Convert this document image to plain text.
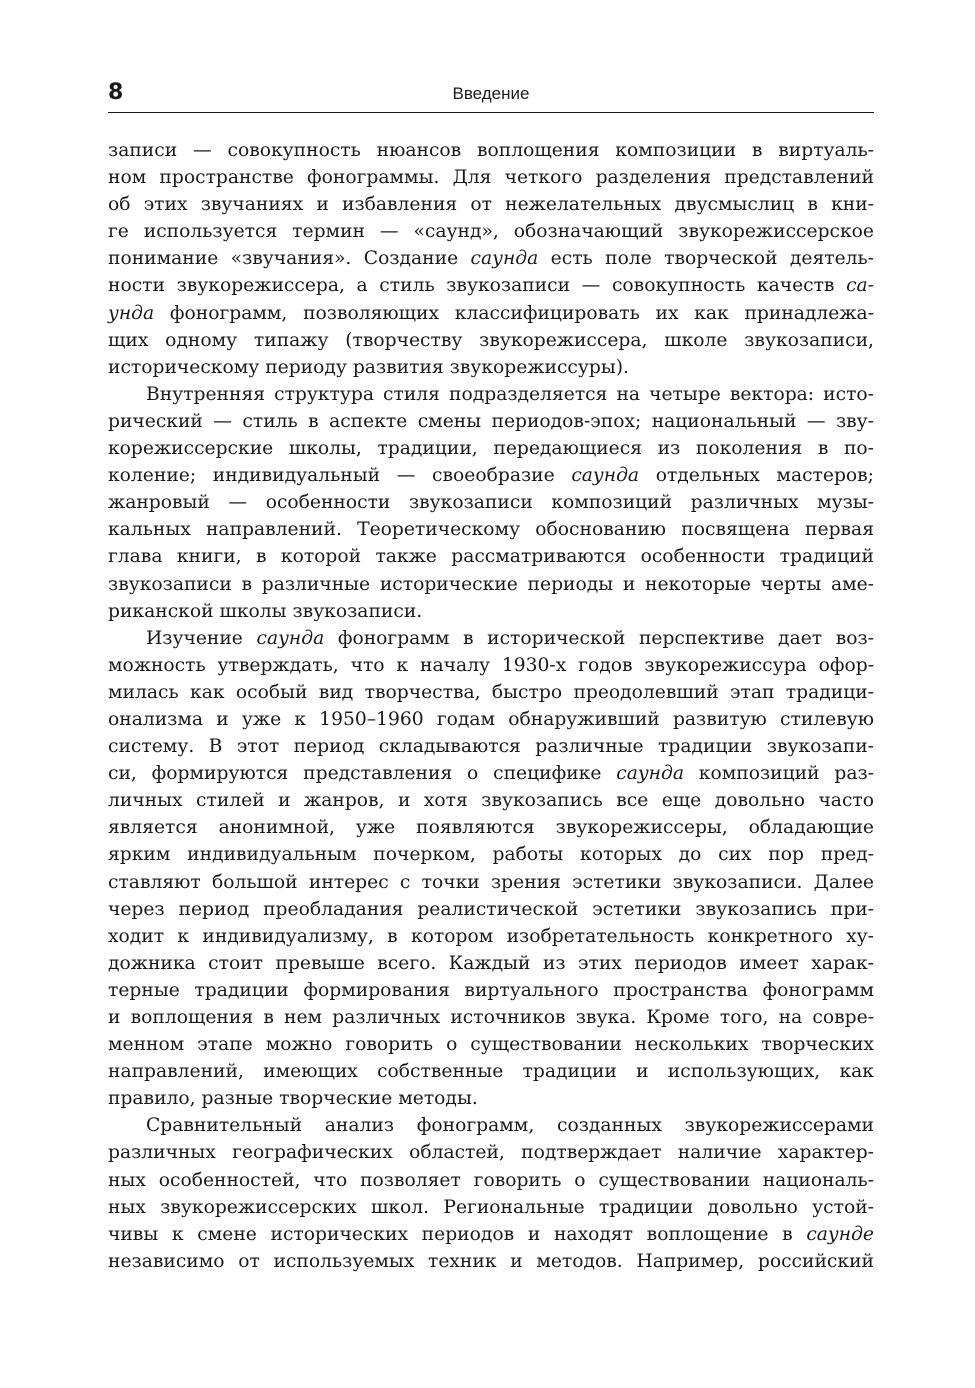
8	Введение
записи — совокупность нюансов воплощения композиции в виртуаль-
ном пространстве фонограммы. Для четкого разделения представлений
об этих звучаниях и избавления от нежелательных двусмыслиц в кни-
ге используется термин — «саунд», обозначающий звукорежиссерское
понимание «звучания». Создание саунда есть поле творческой деятель-
ности звукорежиссера, а стиль звукозаписи — совокупность качеств са-
унда фонограмм, позволяющих классифицировать их как принадлежа-
щих одному типажу (творчеству звукорежиссера, школе звукозаписи,
историческому периоду развития звукорежиссуры).
Внутренняя структура стиля подразделяется на четыре вектора: исто-
рический — стиль в аспекте смены периодов-эпох; национальный — зву-
корежиссерские школы, традиции, передающиеся из поколения в по-
коление; индивидуальный — своеобразие саунда отдельных мастеров;
жанровый — особенности звукозаписи композиций различных музы-
кальных направлений. Теоретическому обоснованию посвящена первая
глава книги, в которой также рассматриваются особенности традиций
звукозаписи в различные исторические периоды и некоторые черты аме-
риканской школы звукозаписи.
Изучение саунда фонограмм в исторической перспективе дает воз-
можность утверждать, что к началу 1930-х годов звукорежиссура офор-
милась как особый вид творчества, быстро преодолевший этап традици-
онализма и уже к 1950–1960 годам обнаруживший развитую стилевую
систему. В этот период складываются различные традиции звукозапи-
си, формируются представления о специфике саунда композиций раз-
личных стилей и жанров, и хотя звукозапись все еще довольно часто
является анонимной, уже появляются звукорежиссеры, обладающие
ярким индивидуальным почерком, работы которых до сих пор пред-
ставляют большой интерес с точки зрения эстетики звукозаписи. Далее
через период преобладания реалистической эстетики звукозапись при-
ходит к индивидуализму, в котором изобретательность конкретного ху-
дожника стоит превыше всего. Каждый из этих периодов имеет харак-
терные традиции формирования виртуального пространства фонограмм
и воплощения в нем различных источников звука. Кроме того, на совре-
менном этапе можно говорить о существовании нескольких творческих
направлений, имеющих собственные традиции и использующих, как
правило, разные творческие методы.
Сравнительный анализ фонограмм, созданных звукорежиссерами
различных географических областей, подтверждает наличие характер-
ных особенностей, что позволяет говорить о существовании националь-
ных звукорежиссерских школ. Региональные традиции довольно устой-
чивы к смене исторических периодов и находят воплощение в саунде
независимо от используемых техник и методов. Например, российский
